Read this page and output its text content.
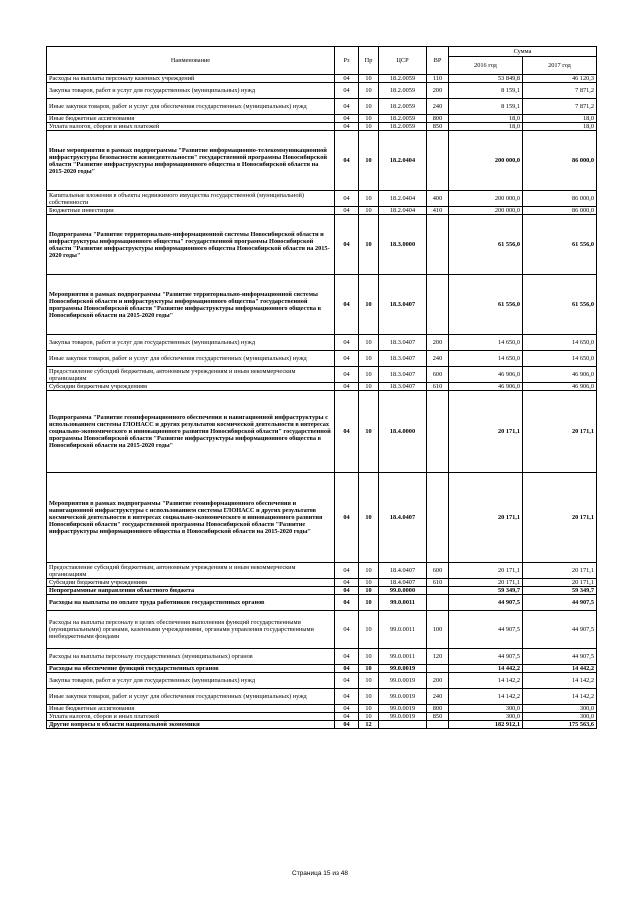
Наименование	Рз	Пр	ЦСР	ВР	Сумма	
					2016 год	2017 год
Расходы на выплаты персоналу казенных учреждений	04	10	18.2.0059	110	53 849,8	46 120,3
Закупка товаров, работ и услуг для государственных (муниципальных) нужд	04	10	18.2.0059	200	8 159,1	7 871,2
Иные закупки товаров, работ и услуг для обеспечения государственных (муниципальных) нужд	04	10	18.2.0059	240	8 159,1	7 871,2
Иные бюджетные ассигнования	04	10	18.2.0059	800	18,0	18,0
Уплата налогов, сборов и иных платежей	04	10	18.2.0059	850	18,0	18,0
Иные мероприятия в рамках подпрограммы "Развитие информационно-телекоммуникационной инфраструктуры безопасности жизнедеятельности" государственной программы Новосибирской области "Развитие инфраструктуры информационного общества в Новосибирской области на 2015-2020 годы"	04	10	18.2.0404		200 000,0	86 000,0
Капитальные вложения в объекты недвижимого имущества государственной (муниципальной) собственности	04	10	18.2.0404	400	200 000,0	86 000,0
Бюджетные инвестиции	04	10	18.2.0404	410	200 000,0	86 000,0
Подпрограмма "Развитие территориально-информационной системы Новосибирской области и инфраструктуры информационного общества" государственной программы Новосибирской области "Развитие инфраструктуры информационного общества Новосибирской области на 2015-2020 годы"	04	10	18.3.0000		61 556,0	61 556,0
Мероприятия в рамках подпрограммы "Развитие территориально-информационной системы Новосибирской области и инфраструктуры информационного общества" государственной программы Новосибирской области "Развитие инфраструктуры информационного общества в Новосибирской области на 2015-2020 годы"	04	10	18.3.0407		61 556,0	61 556,0
Закупка товаров, работ и услуг для государственных (муниципальных) нужд	04	10	18.3.0407	200	14 650,0	14 650,0
Иные закупки товаров, работ и услуг для обеспечения государственных (муниципальных) нужд	04	10	18.3.0407	240	14 650,0	14 650,0
Предоставление субсидий бюджетным, автономным учреждениям и иным некоммерческим организациям	04	10	18.3.0407	600	46 906,0	46 906,0
Субсидии бюджетным учреждениям	04	10	18.3.0407	610	46 906,0	46 906,0
Подпрограмма "Развитие геоинформационного обеспечения и навигационной инфраструктуры с использованием системы ГЛОНАСС и других результатов космической деятельности в интересах социально-экономического и инновационного развития Новосибирской области" государственной программы Новосибирской области "Развитие инфраструктуры информационного общества в Новосибирской области на 2015-2020 годы"	04	10	18.4.0000		20 171,1	20 171,1
Мероприятия в рамках подпрограммы "Развитие геоинформационного обеспечения и навигационной инфраструктуры с использованием системы ГЛОНАСС и других результатов космической деятельности в интересах социально-экономического и инновационного развития Новосибирской области" государственной программы Новосибирской области "Развитие инфраструктуры информационного общества в Новосибирской области на 2015-2020 годы"	04	10	18.4.0407		20 171,1	20 171,1
Предоставление субсидий бюджетным, автономным учреждениям и иным некоммерческим организациям	04	10	18.4.0407	600	20 171,1	20 171,1
Субсидии бюджетным учреждениям	04	10	18.4.0407	610	20 171,1	20 171,1
Непрограммные направления областного бюджета	04	10	99.0.0000		59 349,7	59 349,7
Расходы на выплаты по оплате труда работников государственных органов	04	10	99.0.0011		44 907,5	44 907,5
Расходы на выплаты персоналу в целях обеспечения выполнения функций государственными (муниципальными) органами, казенными учреждениями, органами управления государственными внебюджетными фондами	04	10	99.0.0011	100	44 907,5	44 907,5
Расходы на выплаты персоналу государственных (муниципальных) органов	04	10	99.0.0011	120	44 907,5	44 907,5
Расходы на обеспечение функций государственных органов	04	10	99.0.0019		14 442,2	14 442,2
Закупка товаров, работ и услуг для государственных (муниципальных) нужд	04	10	99.0.0019	200	14 142,2	14 142,2
Иные закупки товаров, работ и услуг для обеспечения государственных (муниципальных) нужд	04	10	99.0.0019	240	14 142,2	14 142,2
Иные бюджетные ассигнования	04	10	99.0.0019	800	300,0	300,0
Уплата налогов, сборов и иных платежей	04	10	99.0.0019	850	300,0	300,0
Другие вопросы в области национальной экономики	04	12			182 912,1	175 563,6
Страница 15 из 48
